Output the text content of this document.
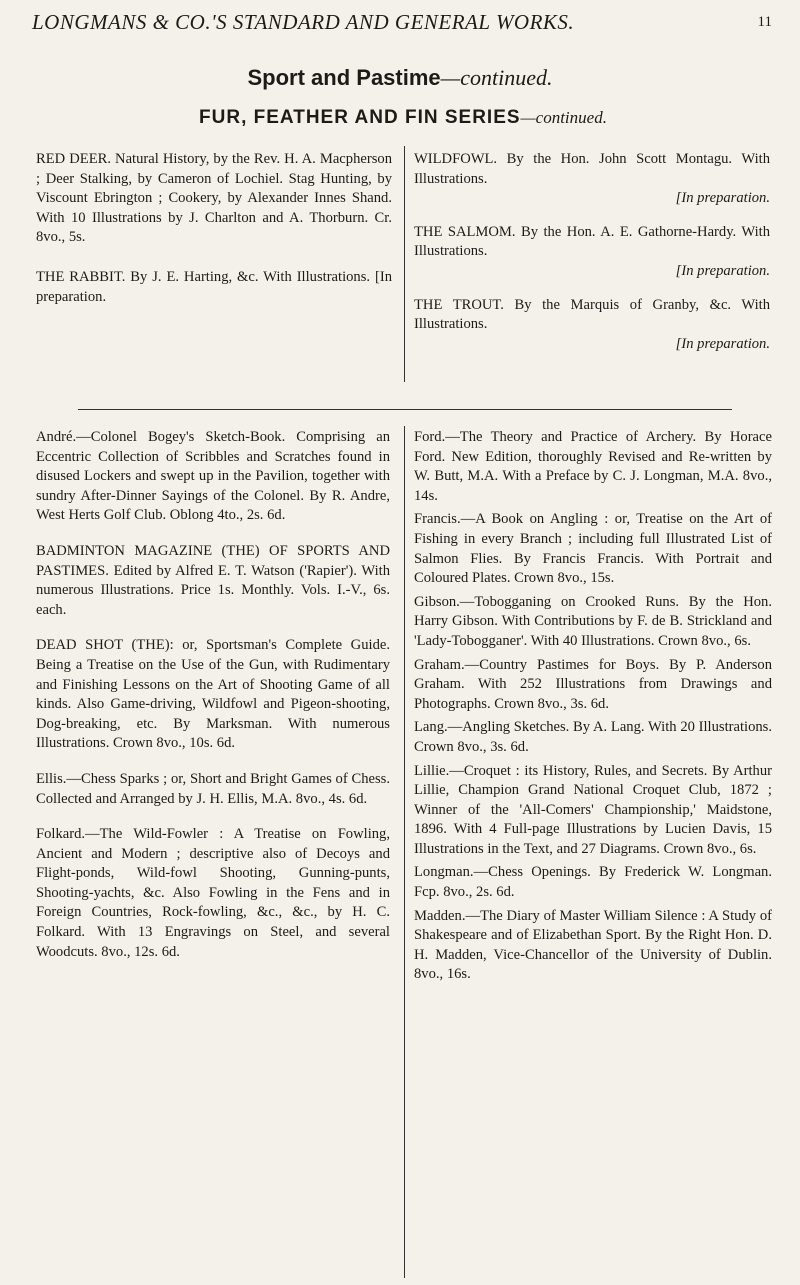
LONGMANS & CO.'S STANDARD AND GENERAL WORKS.	11
Sport and Pastime—continued.
FUR, FEATHER AND FIN SERIES—continued.

RED DEER. Natural History, by the Rev. H. A. Macpherson ; Deer Stalking, by Cameron of Lochiel. Stag Hunting, by Viscount Ebrington ; Cookery, by Alexander Innes Shand. With 10 Illustrations by J. Charlton and A. Thorburn. Cr. 8vo., 5s.

THE RABBIT. By J. E. Harting, &c. With Illustrations. [In preparation.

WILDFOWL. By the Hon. John Scott Montagu. With Illustrations.
[In preparation.
THE SALMOM. By the Hon. A. E. Gathorne-Hardy. With Illustrations.
[In preparation.
THE TROUT. By the Marquis of Granby, &c. With Illustrations.
[In preparation.

André.—Colonel Bogey's Sketch-Book. Comprising an Eccentric Collection of Scribbles and Scratches found in disused Lockers and swept up in the Pavilion, together with sundry After-Dinner Sayings of the Colonel. By R. Andre, West Herts Golf Club. Oblong 4to., 2s. 6d.

BADMINTON MAGAZINE (THE) OF SPORTS AND PASTIMES. Edited by Alfred E. T. Watson ('Rapier'). With numerous Illustrations. Price 1s. Monthly. Vols. I.-V., 6s. each.

DEAD SHOT (THE): or, Sportsman's Complete Guide. Being a Treatise on the Use of the Gun, with Rudimentary and Finishing Lessons on the Art of Shooting Game of all kinds. Also Game-driving, Wildfowl and Pigeon-shooting, Dog-breaking, etc. By Marksman. With numerous Illustrations. Crown 8vo., 10s. 6d.

Ellis.—Chess Sparks ; or, Short and Bright Games of Chess. Collected and Arranged by J. H. Ellis, M.A. 8vo., 4s. 6d.

Folkard.—The Wild-Fowler : A Treatise on Fowling, Ancient and Modern ; descriptive also of Decoys and Flight-ponds, Wild-fowl Shooting, Gunning-punts, Shooting-yachts, &c. Also Fowling in the Fens and in Foreign Countries, Rock-fowling, &c., &c., by H. C. Folkard. With 13 Engravings on Steel, and several Woodcuts. 8vo., 12s. 6d.

Ford.—The Theory and Practice of Archery. By Horace Ford. New Edition, thoroughly Revised and Re-written by W. Butt, M.A. With a Preface by C. J. Longman, M.A. 8vo., 14s.

Francis.—A Book on Angling : or, Treatise on the Art of Fishing in every Branch ; including full Illustrated List of Salmon Flies. By Francis Francis. With Portrait and Coloured Plates. Crown 8vo., 15s.

Gibson.—Tobogganing on Crooked Runs. By the Hon. Harry Gibson. With Contributions by F. de B. Strickland and 'Lady-Tobogganer'. With 40 Illustrations. Crown 8vo., 6s.

Graham.—Country Pastimes for Boys. By P. Anderson Graham. With 252 Illustrations from Drawings and Photographs. Crown 8vo., 3s. 6d.

Lang.—Angling Sketches. By A. Lang. With 20 Illustrations. Crown 8vo., 3s. 6d.

Lillie.—Croquet : its History, Rules, and Secrets. By Arthur Lillie, Champion Grand National Croquet Club, 1872 ; Winner of the 'All-Comers' Championship,' Maidstone, 1896. With 4 Full-page Illustrations by Lucien Davis, 15 Illustrations in the Text, and 27 Diagrams. Crown 8vo., 6s.

Longman.—Chess Openings. By Frederick W. Longman. Fcp. 8vo., 2s. 6d.

Madden.—The Diary of Master William Silence : A Study of Shakespeare and of Elizabethan Sport. By the Right Hon. D. H. Madden, Vice-Chancellor of the University of Dublin. 8vo., 16s.
